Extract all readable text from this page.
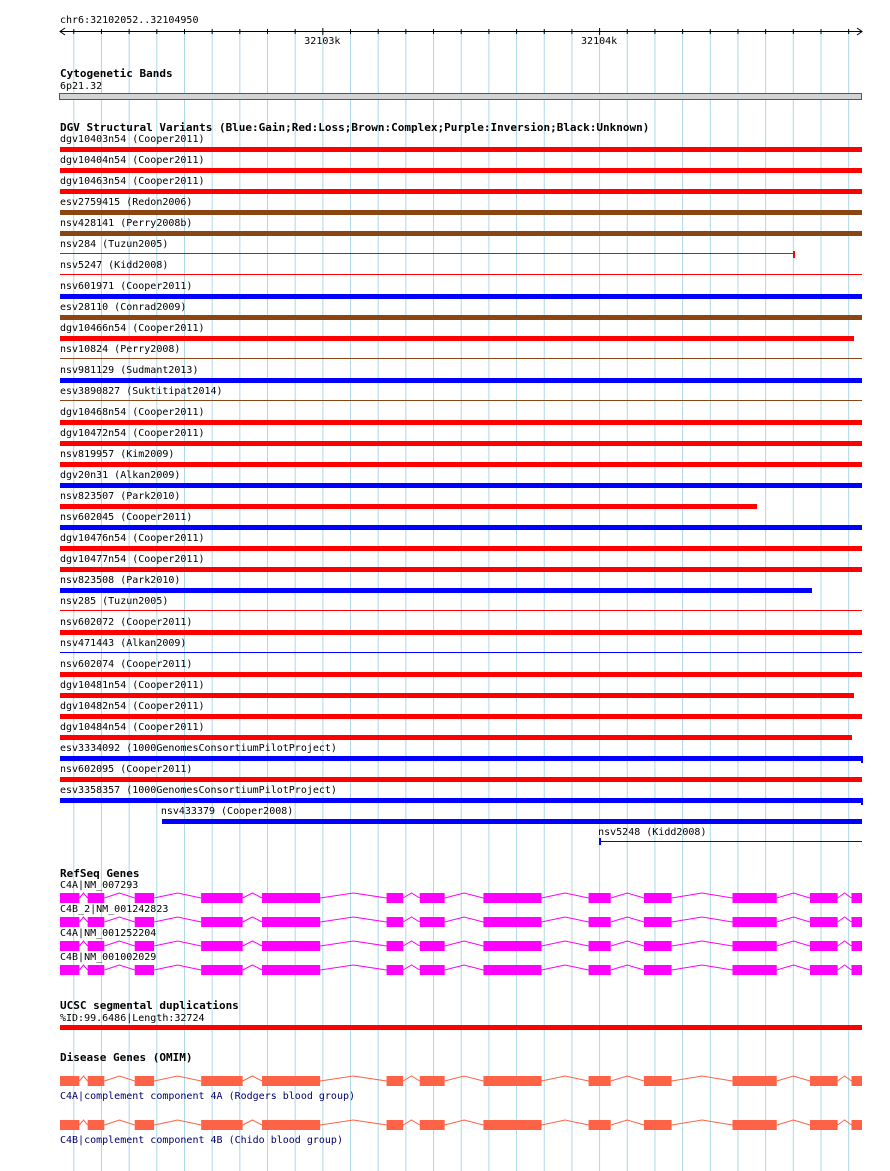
chr6:32102052..32104950
32103k	32104k
Cytogenetic Bands
6p21.32
DGV Structural Variants (Blue:Gain;Red:Loss;Brown:Complex;Purple:Inversion;Black:Unknown)
dgv10403n54 (Cooper2011)
dgv10404n54 (Cooper2011)
dgv10463n54 (Cooper2011)
esv2759415 (Redon2006)
nsv428141 (Perry2008b)
nsv284 (Tuzun2005)
nsv5247 (Kidd2008)
nsv601971 (Cooper2011)
esv28110 (Conrad2009)
dgv10466n54 (Cooper2011)
nsv10824 (Perry2008)
nsv981129 (Sudmant2013)
esv3890827 (Suktitipat2014)
dgv10468n54 (Cooper2011)
dgv10472n54 (Cooper2011)
nsv819957 (Kim2009)
dgv20n31 (Alkan2009)
nsv823507 (Park2010)
nsv602045 (Cooper2011)
dgv10476n54 (Cooper2011)
dgv10477n54 (Cooper2011)
nsv823508 (Park2010)
nsv285 (Tuzun2005)
nsv602072 (Cooper2011)
nsv471443 (Alkan2009)
nsv602074 (Cooper2011)
dgv10481n54 (Cooper2011)
dgv10482n54 (Cooper2011)
dgv10484n54 (Cooper2011)
esv3334092 (1000GenomesConsortiumPilotProject)
nsv602095 (Cooper2011)
esv3358357 (1000GenomesConsortiumPilotProject)
nsv433379 (Cooper2008)
nsv5248 (Kidd2008)
RefSeq Genes
C4A|NM_007293
C4B_2|NM_001242823
C4A|NM_001252204
C4B|NM_001002029
UCSC segmental duplications
%ID:99.6486|Length:32724
Disease Genes (OMIM)
C4A|complement component 4A (Rodgers blood group)
C4B|complement component 4B (Chido blood group)
